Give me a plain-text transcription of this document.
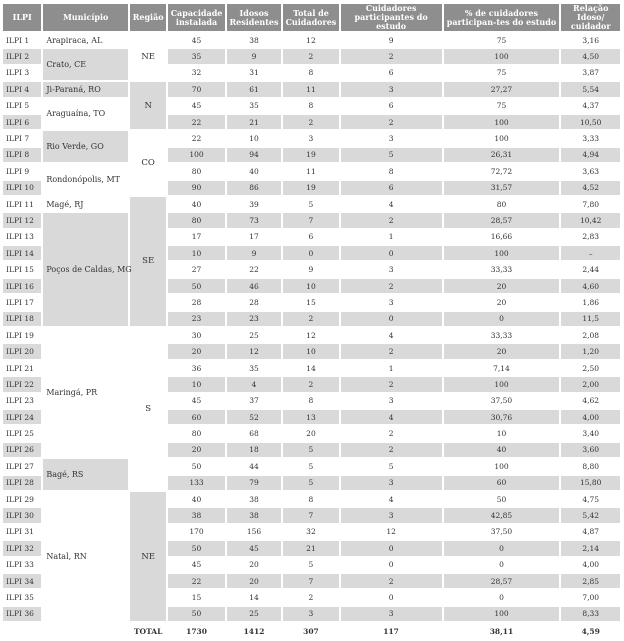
ILPI	Município	Região	Capacidade instalada	Idosos Residentes	Total de Cuidadores	Cuidadores participantes do estudo	% de cuidadores participan-tes do estudo	Relação Idoso/ cuidador
ILPI 1	Arapiraca, AL	NE	45	38	12	9	75	3,16
ILPI 2	Crato, CE		35	9	2	2	100	4,50
ILPI 3			32	31	8	6	75	3,87
ILPI 4	Ji-Paraná, RO	N	70	61	11	3	27,27	5,54
ILPI 5	Araguaína, TO		45	35	8	6	75	4,37
ILPI 6			22	21	2	2	100	10,50
ILPI 7	Rio Verde, GO	CO	22	10	3	3	100	3,33
ILPI 8			100	94	19	5	26,31	4,94
ILPI 9	Rondonópolis, MT		80	40	11	8	72,72	3,63
ILPI 10			90	86	19	6	31,57	4,52
ILPI 11	Magé, RJ	SE	40	39	5	4	80	7,80
ILPI 12	Poços de Caldas, MG		80	73	7	2	28,57	10,42
ILPI 13			17	17	6	1	16,66	2,83
ILPI 14			10	9	0	0	100	–
ILPI 15			27	22	9	3	33,33	2,44
ILPI 16			50	46	10	2	20	4,60
ILPI 17			28	28	15	3	20	1,86
ILPI 18			23	23	2	0	0	11,5
ILPI 19	Maringá, PR	S	30	25	12	4	33,33	2,08
ILPI 20			20	12	10	2	20	1,20
ILPI 21			36	35	14	1	7,14	2,50
ILPI 22			10	4	2	2	100	2,00
ILPI 23			45	37	8	3	37,50	4,62
ILPI 24			60	52	13	4	30,76	4,00
ILPI 25			80	68	20	2	10	3,40
ILPI 26			20	18	5	2	40	3,60
ILPI 27	Bagé, RS		50	44	5	5	100	8,80
ILPI 28			133	79	5	3	60	15,80
ILPI 29	Natal, RN	NE	40	38	8	4	50	4,75
ILPI 30			38	38	7	3	42,85	5,42
ILPI 31			170	156	32	12	37,50	4,87
ILPI 32			50	45	21	0	0	2,14
ILPI 33			45	20	5	0	0	4,00
ILPI 34			22	20	7	2	28,57	2,85
ILPI 35			15	14	2	0	0	7,00
ILPI 36			50	25	3	3	100	8,33
		TOTAL	1730	1412	307	117	38,11	4,59
